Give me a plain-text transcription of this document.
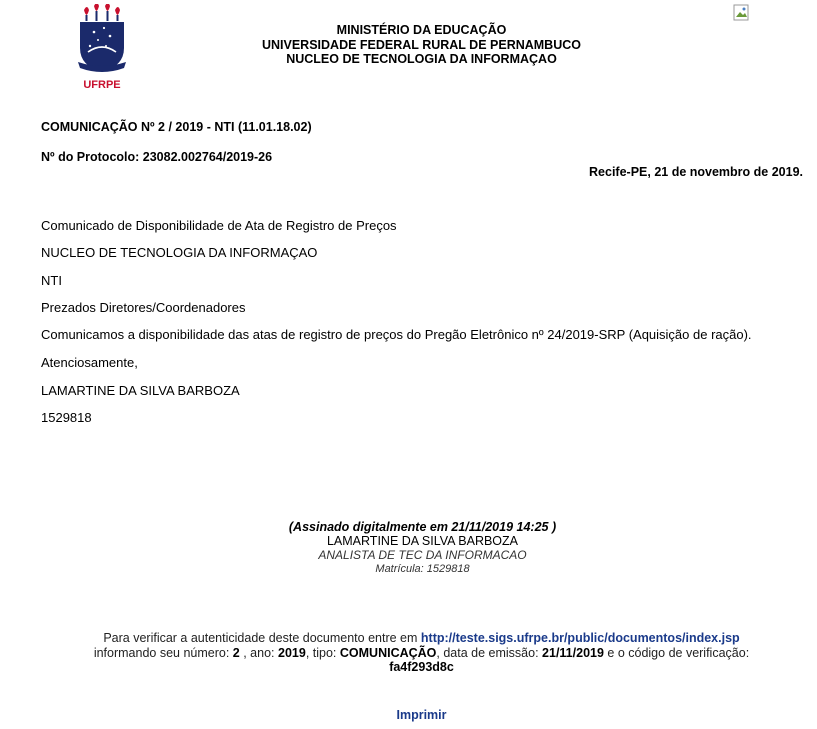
UFRPE
MINISTÉRIO DA EDUCAÇÃO
UNIVERSIDADE FEDERAL RURAL DE PERNAMBUCO
NUCLEO DE TECNOLOGIA DA INFORMAÇAO
COMUNICAÇÃO Nº 2 / 2019 - NTI (11.01.18.02)
Nº do Protocolo: 23082.002764/2019-26
Recife-PE, 21 de novembro de 2019.
Comunicado de Disponibilidade de Ata de Registro de Preços
NUCLEO DE TECNOLOGIA DA INFORMAÇAO
NTI
Prezados Diretores/Coordenadores
Comunicamos a disponibilidade das atas de registro de preços do Pregão Eletrônico nº 24/2019-SRP (Aquisição de ração).
Atenciosamente,
LAMARTINE DA SILVA BARBOZA
1529818
(Assinado digitalmente em 21/11/2019 14:25 )
LAMARTINE DA SILVA BARBOZA
ANALISTA DE TEC DA INFORMACAO
Matrícula: 1529818
Para verificar a autenticidade deste documento entre em http://teste.sigs.ufrpe.br/public/documentos/index.jsp
informando seu número: 2 , ano: 2019, tipo: COMUNICAÇÃO, data de emissão: 21/11/2019 e o código de verificação:
fa4f293d8c
Imprimir
